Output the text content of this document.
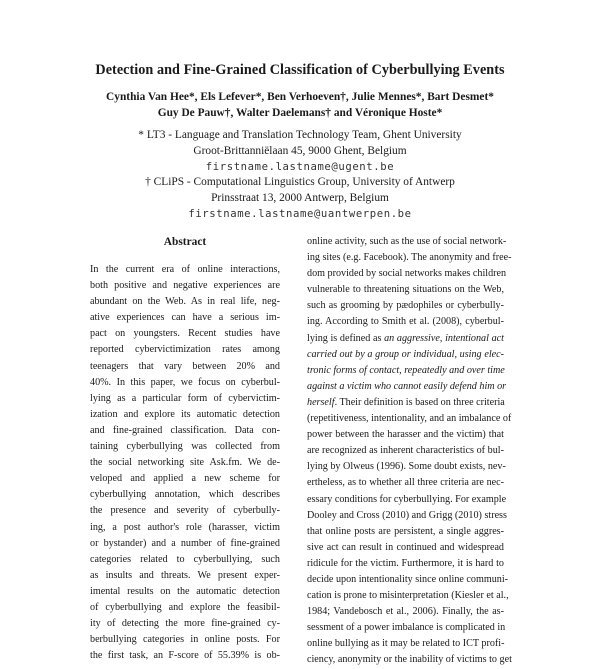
Detection and Fine-Grained Classification of Cyberbullying Events
Cynthia Van Hee*, Els Lefever*, Ben Verhoeven†, Julie Mennes*, Bart Desmet*
Guy De Pauw†, Walter Daelemans† and Véronique Hoste*
* LT3 - Language and Translation Technology Team, Ghent University
Groot-Brittanniëlaan 45, 9000 Ghent, Belgium
firstname.lastname@ugent.be
† CLiPS - Computational Linguistics Group, University of Antwerp
Prinsstraat 13, 2000 Antwerp, Belgium
firstname.lastname@uantwerpen.be
Abstract
In the current era of online interactions,
both positive and negative experiences are
abundant on the Web. As in real life, neg-
ative experiences can have a serious im-
pact on youngsters. Recent studies have
reported cybervictimization rates among
teenagers that vary between 20% and
40%. In this paper, we focus on cyberbul-
lying as a particular form of cybervictim-
ization and explore its automatic detection
and fine-grained classification. Data con-
taining cyberbullying was collected from
the social networking site Ask.fm. We de-
veloped and applied a new scheme for
cyberbullying annotation, which describes
the presence and severity of cyberbully-
ing, a post author's role (harasser, victim
or bystander) and a number of fine-grained
categories related to cyberbullying, such
as insults and threats. We present exper-
imental results on the automatic detection
of cyberbullying and explore the feasibil-
ity of detecting the more fine-grained cy-
berbullying categories in online posts. For
the first task, an F-score of 55.39% is ob-
online activity, such as the use of social network-
ing sites (e.g. Facebook). The anonymity and free-
dom provided by social networks makes children
vulnerable to threatening situations on the Web,
such as grooming by pædophiles or cyberbully-
ing. According to Smith et al. (2008), cyberbul-
lying is defined as an aggressive, intentional act
carried out by a group or individual, using elec-
tronic forms of contact, repeatedly and over time
against a victim who cannot easily defend him or
herself. Their definition is based on three criteria
(repetitiveness, intentionality, and an imbalance of
power between the harasser and the victim) that
are recognized as inherent characteristics of bul-
lying by Olweus (1996). Some doubt exists, nev-
ertheless, as to whether all three criteria are nec-
essary conditions for cyberbullying. For example
Dooley and Cross (2010) and Grigg (2010) stress
that online posts are persistent, a single aggres-
sive act can result in continued and widespread
ridicule for the victim. Furthermore, it is hard to
decide upon intentionality since online communi-
cation is prone to misinterpretation (Kiesler et al.,
1984; Vandebosch et al., 2006). Finally, the as-
sessment of a power imbalance is complicated in
online bullying as it may be related to ICT profi-
ciency, anonymity or the inability of victims to get
